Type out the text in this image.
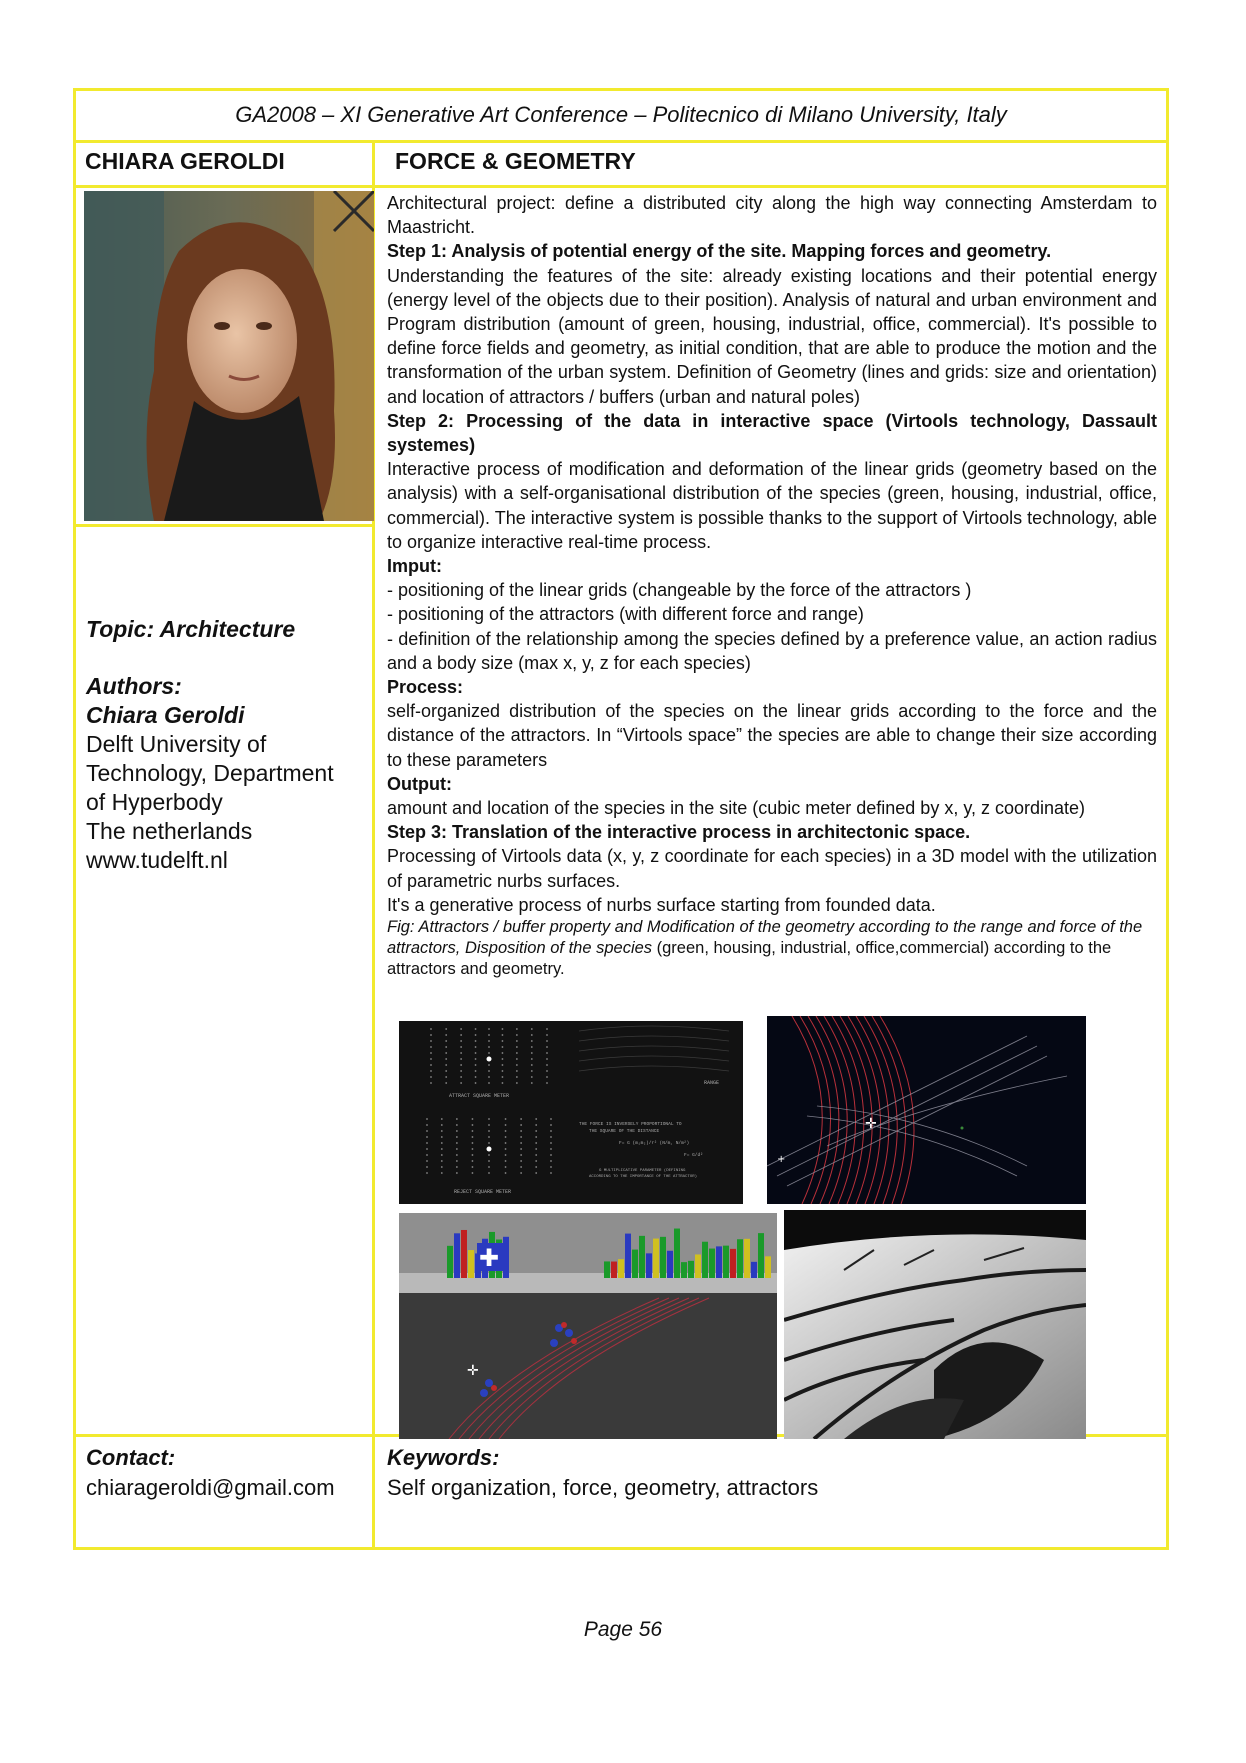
GA2008 – XI Generative Art Conference – Politecnico di Milano University, Italy
CHIARA GEROLDI	FORCE & GEOMETRY
Topic: Architecture
Authors:
Chiara Geroldi
Delft University of
Technology, Department
of Hyperbody
The netherlands
www.tudelft.nl

Architectural project: define a distributed city along the high way connecting Amsterdam to Maastricht.

Step 1: Analysis of potential energy of the site. Mapping forces and geometry.

Understanding the features of the site: already existing locations and their potential energy (energy level of the objects due to their position). Analysis of natural and urban environment and Program distribution (amount of green, housing, industrial, office, commercial). It's possible to define force fields and geometry, as initial condition, that are able to produce the motion and the transformation of the urban system. Definition of Geometry (lines and grids: size and orientation) and location of attractors / buffers (urban and natural poles)

Step 2: Processing of the data in interactive space (Virtools technology, Dassault systemes)

Interactive process of modification and deformation of the linear grids (geometry based on the analysis) with a self-organisational distribution of the species (green, housing, industrial, office, commercial). The interactive system is possible thanks to the support of Virtools technology, able to organize interactive real-time process.

Imput:

- positioning of the linear grids (changeable by the force of the attractors )

- positioning of the attractors (with different force and range)

- definition of the relationship among the species defined by a preference value, an action radius and a body size (max x, y, z for each species)

Process:

self-organized distribution of the species on the linear grids according to the force and the distance of the attractors. In “Virtools space” the species are able to change their size according to these parameters

Output:

amount and location of the species in the site (cubic meter defined by x, y, z coordinate)

Step 3: Translation of the interactive process in architectonic space.

Processing of Virtools data (x, y, z coordinate for each species) in a 3D model with the utilization of parametric nurbs surfaces.

It's a generative process of nurbs surface starting from founded data.

Fig: Attractors / buffer property and Modification of the geometry according to the range and force of the attractors, Disposition of the species (green, housing, industrial, office,commercial) according to the attractors and geometry.

ATTRACT SQUARE METER
RANGE
THE FORCE IS INVERSELY PROPORTIONAL TO
THE SQUARE OF THE DISTANCE
F= G (m₁m₂)/r² (N/m, N/m²)
F= G/d²
G MULTIPLICATIVE PARAMETER (DEFINING
ACCORDING TO THE IMPORTANCE OF THE ATTRACTOR)
REJECT SQUARE METER
✛
+
✚
✛
Contact:
chiarageroldi@gmail.com
Keywords:
Self organization, force, geometry, attractors
Page 56
